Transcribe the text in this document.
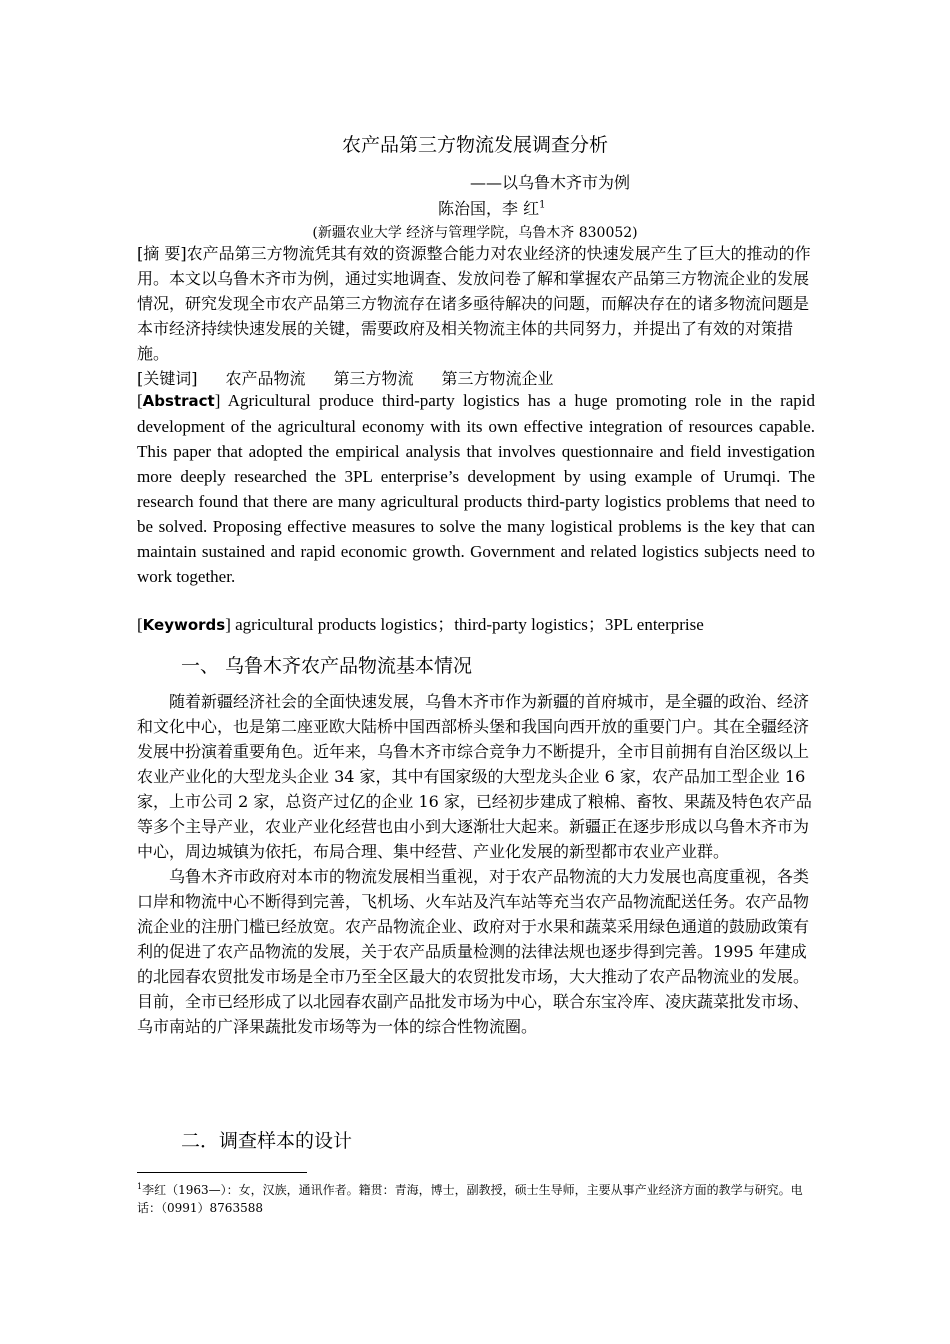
农产品第三方物流发展调查分析
——以乌鲁木齐市为例
陈治国，李 红$^1$
(新疆农业大学 经济与管理学院，乌鲁木齐 830052)
[摘 要]农产品第三方物流凭其有效的资源整合能力对农业经济的快速发展产生了巨大的推动的作用。本文以乌鲁木齐市为例，通过实地调查、发放问卷了解和掌握农产品第三方物流企业的发展情况，研究发现全市农产品第三方物流存在诸多亟待解决的问题，而解决存在的诸多物流问题是本市经济持续快速发展的关键，需要政府及相关物流主体的共同努力，并提出了有效的对策措施。
[关键词] 农产品物流 第三方物流 第三方物流企业
[Abstract] Agricultural produce third-party logistics has a huge promoting role in the rapid development of the agricultural economy with its own effective integration of resources capable. This paper that adopted the empirical analysis that involves questionnaire and field investigation more deeply researched the 3PL enterprise’s development by using example of Urumqi. The research found that there are many agricultural products third-party logistics problems that need to be solved. Proposing effective measures to solve the many logistical problems is the key that can maintain sustained and rapid economic growth. Government and related logistics subjects need to work together.
[Keywords] agricultural products logistics；third-party logistics；3PL enterprise
一、 乌鲁木齐农产品物流基本情况

随着新疆经济社会的全面快速发展，乌鲁木齐市作为新疆的首府城市，是全疆的政治、经济和文化中心，也是第二座亚欧大陆桥中国西部桥头堡和我国向西开放的重要门户。其在全疆经济发展中扮演着重要角色。近年来，乌鲁木齐市综合竞争力不断提升，全市目前拥有自治区级以上农业产业化的大型龙头企业 34 家，其中有国家级的大型龙头企业 6 家，农产品加工型企业 16 家，上市公司 2 家，总资产过亿的企业 16 家，已经初步建成了粮棉、畜牧、果蔬及特色农产品等多个主导产业，农业产业化经营也由小到大逐渐壮大起来。新疆正在逐步形成以乌鲁木齐市为中心，周边城镇为依托，布局合理、集中经营、产业化发展的新型都市农业产业群。

乌鲁木齐市政府对本市的物流发展相当重视，对于农产品物流的大力发展也高度重视，各类口岸和物流中心不断得到完善，飞机场、火车站及汽车站等充当农产品物流配送任务。农产品物流企业的注册门槛已经放宽。农产品物流企业、政府对于水果和蔬菜采用绿色通道的鼓励政策有利的促进了农产品物流的发展，关于农产品质量检测的法律法规也逐步得到完善。1995 年建成的北园春农贸批发市场是全市乃至全区最大的农贸批发市场，大大推动了农产品物流业的发展。目前，全市已经形成了以北园春农副产品批发市场为中心，联合东宝冷库、凌庆蔬菜批发市场、乌市南站的广泽果蔬批发市场等为一体的综合性物流圈。

二．调查样本的设计
$^1$李红（1963—）：女，汉族，通讯作者。籍贯：青海，博士，副教授，硕士生导师，主要从事产业经济方面的教学与研究。电话：（0991）8763588
